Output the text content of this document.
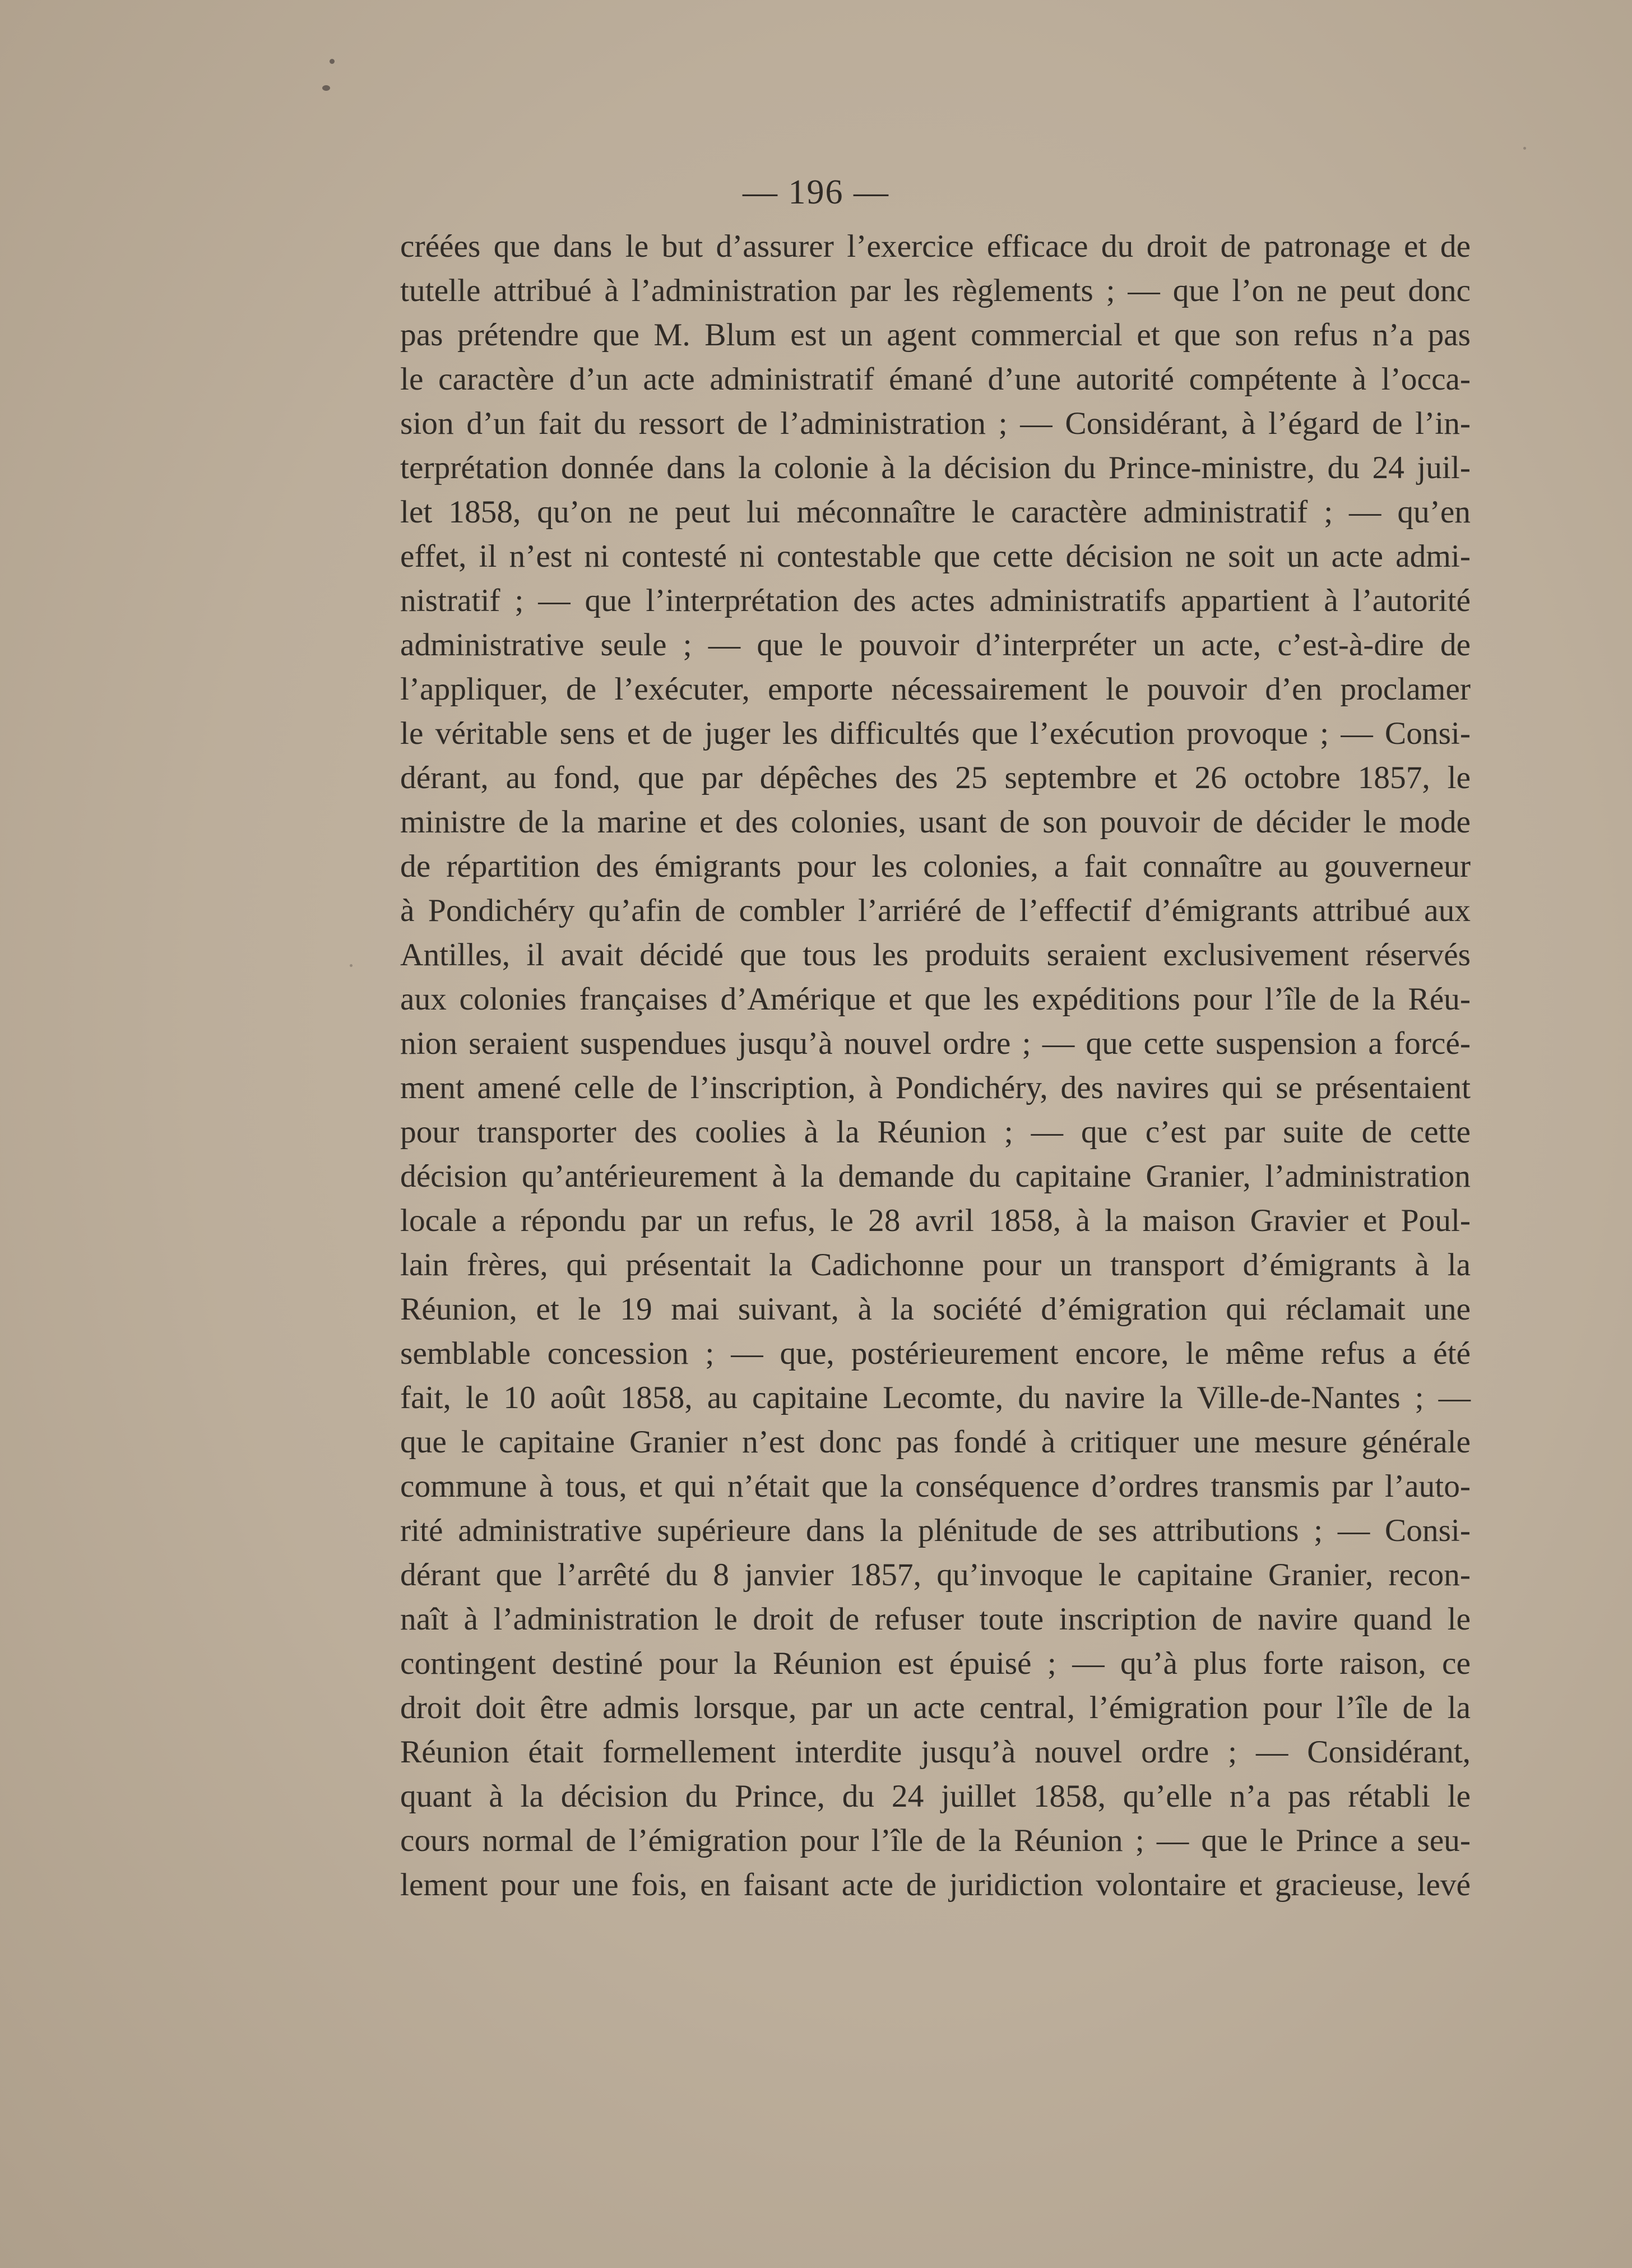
— 196 —
créées que dans le but d’assurer l’exercice efficace du droit de patronage et de
tutelle attribué à l’administration par les règlements ; — que l’on ne peut donc
pas prétendre que M. Blum est un agent commercial et que son refus n’a pas
le caractère d’un acte administratif émané d’une autorité compétente à l’occa-
sion d’un fait du ressort de l’administration ; — Considérant, à l’égard de l’in-
terprétation donnée dans la colonie à la décision du Prince-ministre, du 24 juil-
let 1858, qu’on ne peut lui méconnaître le caractère administratif ; — qu’en
effet, il n’est ni contesté ni contestable que cette décision ne soit un acte admi-
nistratif ; — que l’interprétation des actes administratifs appartient à l’autorité
administrative seule ; — que le pouvoir d’interpréter un acte, c’est-à-dire de
l’appliquer, de l’exécuter, emporte nécessairement le pouvoir d’en proclamer
le véritable sens et de juger les difficultés que l’exécution provoque ; — Consi-
dérant, au fond, que par dépêches des 25 septembre et 26 octobre 1857, le
ministre de la marine et des colonies, usant de son pouvoir de décider le mode
de répartition des émigrants pour les colonies, a fait connaître au gouverneur
à Pondichéry qu’afin de combler l’arriéré de l’effectif d’émigrants attribué aux
Antilles, il avait décidé que tous les produits seraient exclusivement réservés
aux colonies françaises d’Amérique et que les expéditions pour l’île de la Réu-
nion seraient suspendues jusqu’à nouvel ordre ; — que cette suspension a forcé-
ment amené celle de l’inscription, à Pondichéry, des navires qui se présentaient
pour transporter des coolies à la Réunion ; — que c’est par suite de cette
décision qu’antérieurement à la demande du capitaine Granier, l’administration
locale a répondu par un refus, le 28 avril 1858, à la maison Gravier et Poul-
lain frères, qui présentait la Cadichonne pour un transport d’émigrants à la
Réunion, et le 19 mai suivant, à la société d’émigration qui réclamait une
semblable concession ; — que, postérieurement encore, le même refus a été
fait, le 10 août 1858, au capitaine Lecomte, du navire la Ville-de-Nantes ; —
que le capitaine Granier n’est donc pas fondé à critiquer une mesure générale
commune à tous, et qui n’était que la conséquence d’ordres transmis par l’auto-
rité administrative supérieure dans la plénitude de ses attributions ; — Consi-
dérant que l’arrêté du 8 janvier 1857, qu’invoque le capitaine Granier, recon-
naît à l’administration le droit de refuser toute inscription de navire quand le
contingent destiné pour la Réunion est épuisé ; — qu’à plus forte raison, ce
droit doit être admis lorsque, par un acte central, l’émigration pour l’île de la
Réunion était formellement interdite jusqu’à nouvel ordre ; — Considérant,
quant à la décision du Prince, du 24 juillet 1858, qu’elle n’a pas rétabli le
cours normal de l’émigration pour l’île de la Réunion ; — que le Prince a seu-
lement pour une fois, en faisant acte de juridiction volontaire et gracieuse, levé
